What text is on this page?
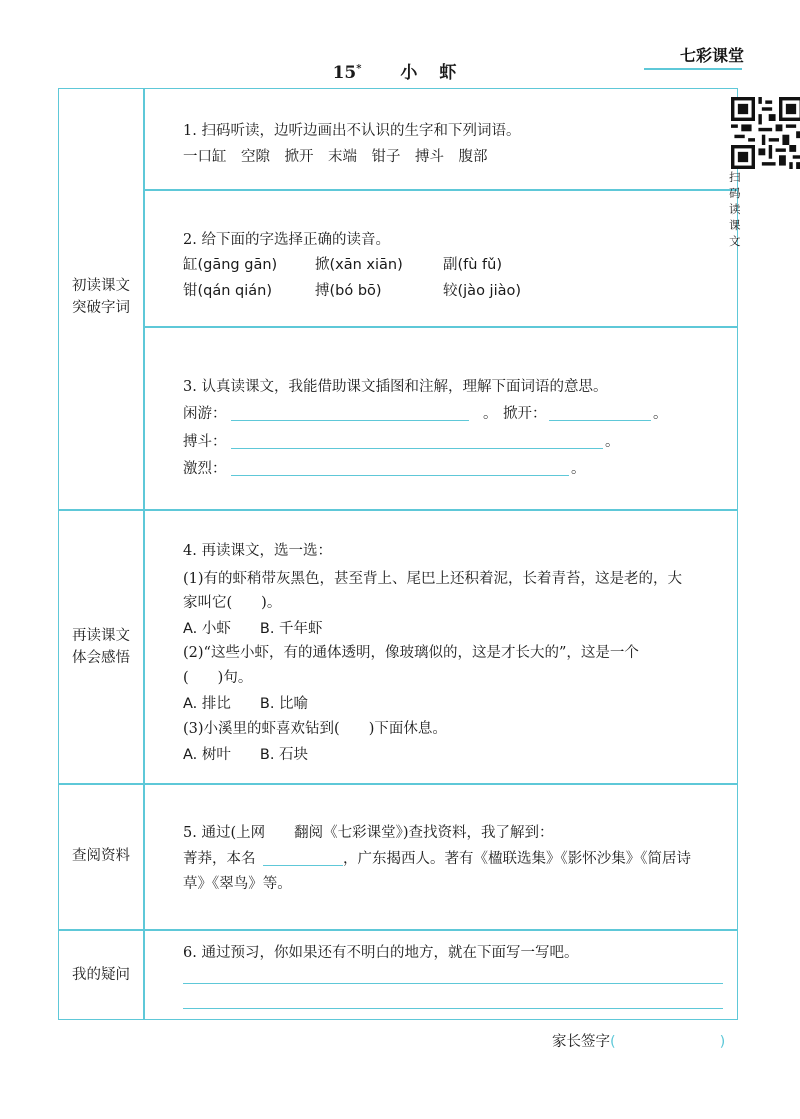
15* 小 虾
七彩课堂
初读课文
突破字词
再读课文
体会感悟
查阅资料
我的疑问
1. 扫码听读，边听边画出不认识的生字和下列词语。
一口缸　空隙　掀开　末端　钳子　搏斗　腹部
扫码读课文
2. 给下面的字选择正确的读音。
缸(gāng gān)	掀(xān xiān)	副(fù fǔ)
钳(qán qián)	搏(bó bō)	较(jào jiào)
3. 认真读课文，我能借助课文插图和注解，理解下面词语的意思。
闲游：	。 掀开：	。
搏斗：	。
激烈：	。
4. 再读课文，选一选：
(1)有的虾稍带灰黑色，甚至背上、尾巴上还积着泥，长着青苔，这是老的，大
家叫它(　　)。
A. 小虾　　B. 千年虾
(2)“这些小虾，有的通体透明，像玻璃似的，这是才长大的”，这是一个
(　　)句。
A. 排比　　B. 比喻
(3)小溪里的虾喜欢钻到(　　)下面休息。
A. 树叶　　B. 石块
5. 通过(上网　　翻阅《七彩课堂》)查找资料，我了解到：
菁莽，本名	，广东揭西人。著有《楹联选集》《影怀沙集》《简居诗
草》《翠鸟》等。
6. 通过预习，你如果还有不明白的地方，就在下面写一写吧。
家长签字(	)
